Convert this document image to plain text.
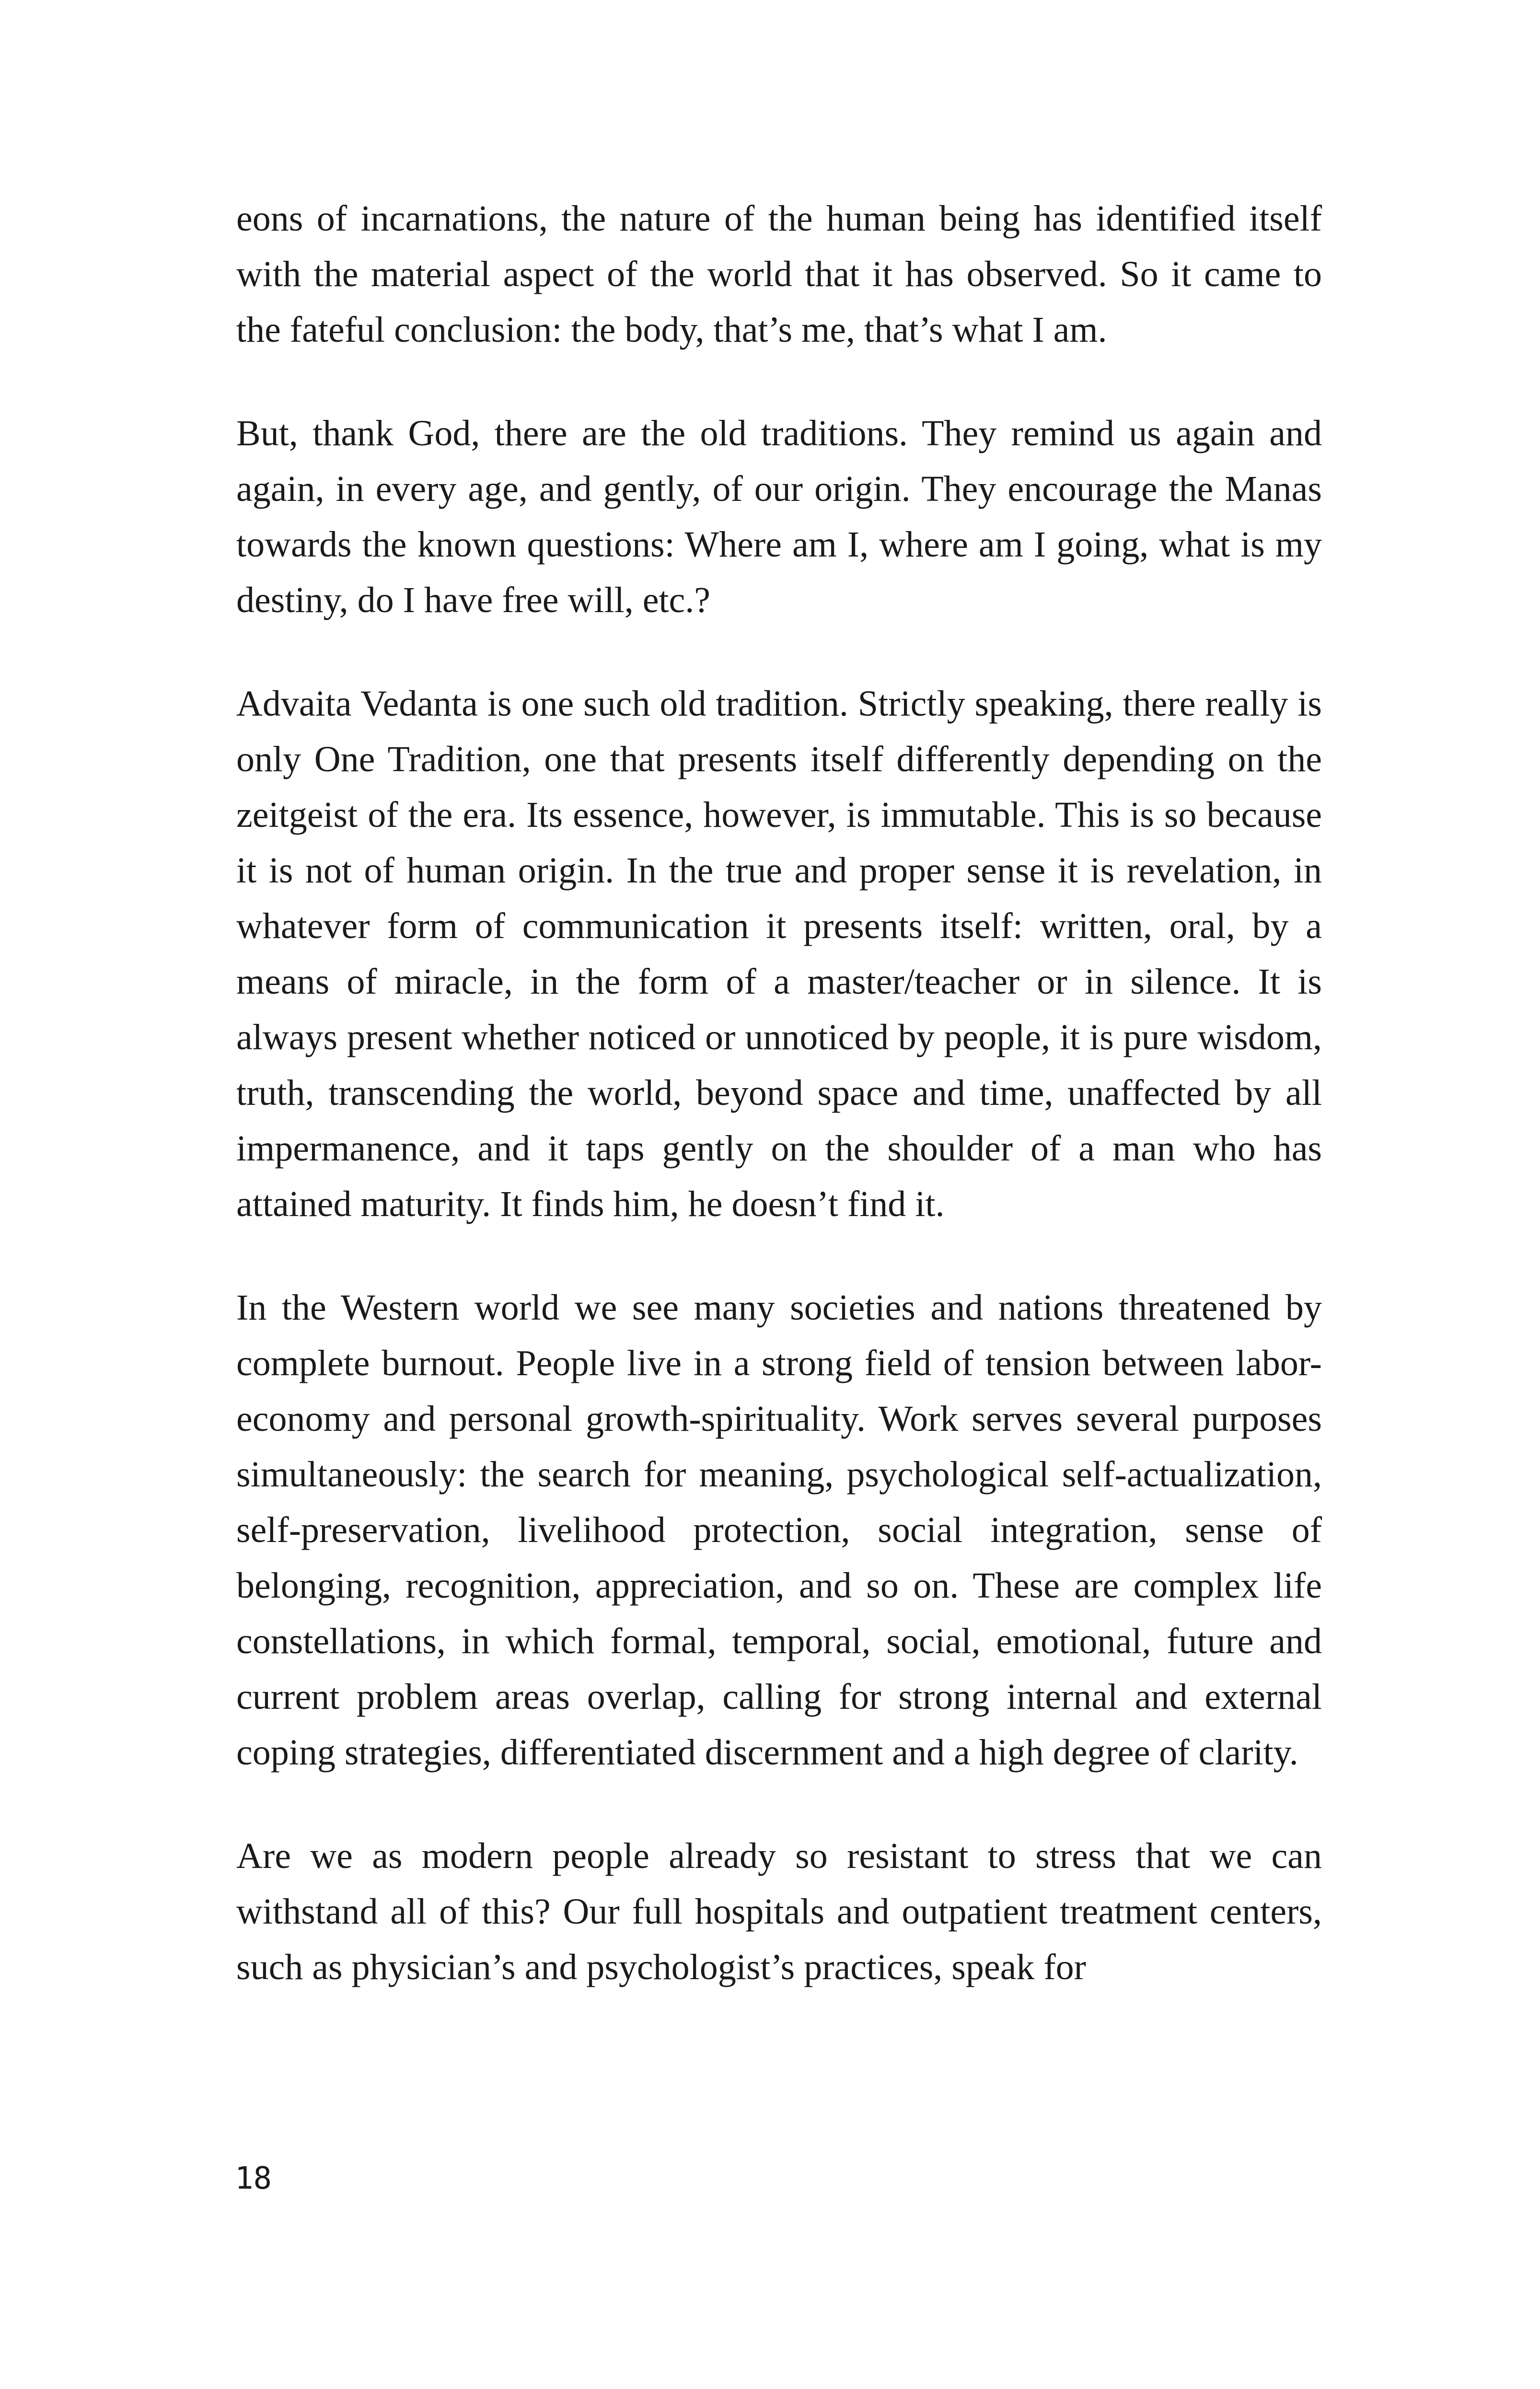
eons of incarnations, the nature of the human being has identified itself with the material aspect of the world that it has observed. So it came to the fateful conclusion: the body, that’s me, that’s what I am.

But, thank God, there are the old traditions. They remind us again and again, in every age, and gently, of our origin. They encourage the Manas towards the known questions: Where am I, where am I going, what is my destiny, do I have free will, etc.?

Advaita Vedanta is one such old tradition. Strictly speaking, there really is only One Tradition, one that presents itself differently depending on the zeitgeist of the era. Its essence, however, is immutable. This is so because it is not of human origin. In the true and proper sense it is revelation, in whatever form of communication it presents itself: written, oral, by a means of miracle, in the form of a master/teacher or in silence. It is always present whether noticed or unnoticed by people, it is pure wisdom, truth, transcending the world, beyond space and time, unaffected by all impermanence, and it taps gently on the shoulder of a man who has attained maturity. It finds him, he doesn’t find it.

In the Western world we see many societies and nations threatened by complete burnout. People live in a strong field of tension between labor-economy and personal growth-spirituality. Work serves several purposes simultaneously: the search for meaning, psychological self-actualization, self-preservation, livelihood protection, social integration, sense of belonging, recognition, appreciation, and so on. These are complex life constellations, in which formal, temporal, social, emotional, future and current problem areas overlap, calling for strong internal and external coping strategies, differentiated discernment and a high degree of clarity.

Are we as modern people already so resistant to stress that we can withstand all of this? Our full hospitals and outpatient treatment centers, such as physician’s and psychologist’s practices, speak for

18
